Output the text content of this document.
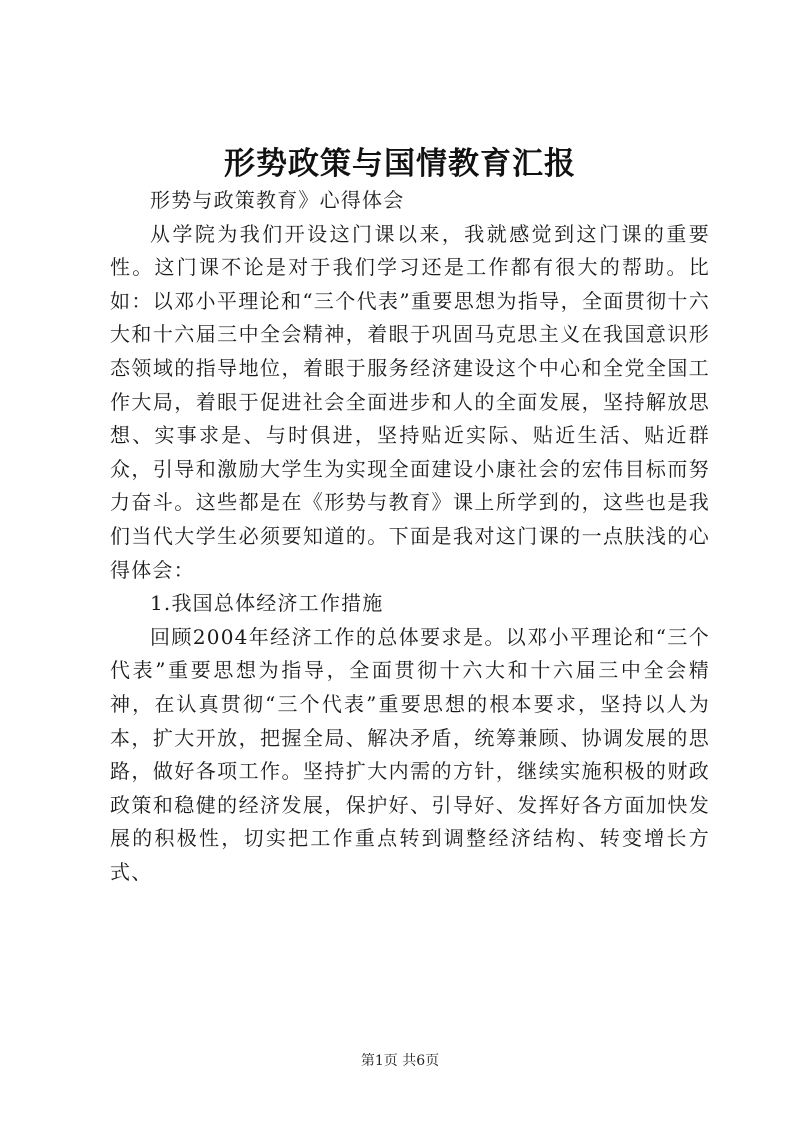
形势政策与国情教育汇报

形势与政策教育》心得体会

从学院为我们开设这门课以来，我就感觉到这门课的重要性。这门课不论是对于我们学习还是工作都有很大的帮助。比如：以邓小平理论和“三个代表”重要思想为指导，全面贯彻十六大和十六届三中全会精神，着眼于巩固马克思主义在我国意识形态领域的指导地位，着眼于服务经济建设这个中心和全党全国工作大局，着眼于促进社会全面进步和人的全面发展，坚持解放思想、实事求是、与时俱进，坚持贴近实际、贴近生活、贴近群众，引导和激励大学生为实现全面建设小康社会的宏伟目标而努力奋斗。这些都是在《形势与教育》课上所学到的，这些也是我们当代大学生必须要知道的。下面是我对这门课的一点肤浅的心得体会：

1.我国总体经济工作措施

回顾2004年经济工作的总体要求是。以邓小平理论和“三个代表”重要思想为指导，全面贯彻十六大和十六届三中全会精神，在认真贯彻“三个代表”重要思想的根本要求，坚持以人为本，扩大开放，把握全局、解决矛盾，统筹兼顾、协调发展的思路，做好各项工作。坚持扩大内需的方针，继续实施积极的财政政策和稳健的经济发展，保护好、引导好、发挥好各方面加快发展的积极性，切实把工作重点转到调整经济结构、转变增长方式、

第1页 共6页
